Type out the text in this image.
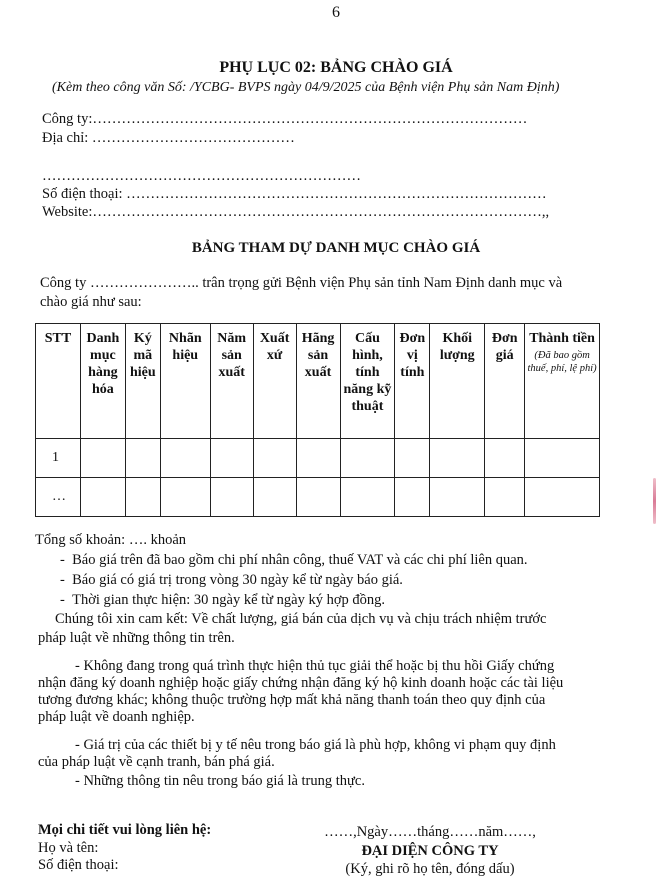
6
PHỤ LỤC 02: BẢNG CHÀO GIÁ
(Kèm theo công văn Số: /YCBG- BVPS ngày 04/9/2025 của Bệnh viện Phụ sản Nam Định)
Công ty:………………………………………………………………………………
Địa chỉ: ……………………………………
…………………………………………………………
Số điện thoại: ……………………………………………………………………………
Website:…………………………………………………………………………………,,
BẢNG THAM DỰ DANH MỤC CHÀO GIÁ
Công ty ………………….. trân trọng gửi Bệnh viện Phụ sản tỉnh Nam Định danh mục và
chào giá như sau:
STT	Danh mục hàng hóa	Ký mã hiệu	Nhãn hiệu	Năm sản xuất	Xuất xứ	Hãng sản xuất	Cấu hình, tính năng kỹ thuật	Đơn vị tính	Khối lượng	Đơn giá	Thành tiền
(Đã bao gồm thuế, phí, lệ phí)

1											
…											
Tổng số khoản: …. khoản
-  Báo giá trên đã bao gồm chi phí nhân công, thuế VAT và các chi phí liên quan.
-  Báo giá có giá trị trong vòng 30 ngày kể từ ngày báo giá.
-  Thời gian thực hiện: 30 ngày kể từ ngày ký hợp đồng.
Chúng tôi xin cam kết: Về chất lượng, giá bán của dịch vụ và chịu trách nhiệm trước
pháp luật về những thông tin trên.
- Không đang trong quá trình thực hiện thủ tục giải thể hoặc bị thu hồi Giấy chứng
nhận đăng ký doanh nghiệp hoặc giấy chứng nhận đăng ký hộ kinh doanh hoặc các tài liệu
tương đương khác; không thuộc trường hợp mất khả năng thanh toán theo quy định của
pháp luật về doanh nghiệp.
- Giá trị của các thiết bị y tế nêu trong báo giá là phù hợp, không vi phạm quy định
của pháp luật về cạnh tranh, bán phá giá.
- Những thông tin nêu trong báo giá là trung thực.
Mọi chi tiết vui lòng liên hệ:
Họ và tên:
Số điện thoại:
……,Ngày……tháng……năm……,
ĐẠI DIỆN CÔNG TY
(Ký, ghi rõ họ tên, đóng dấu)
